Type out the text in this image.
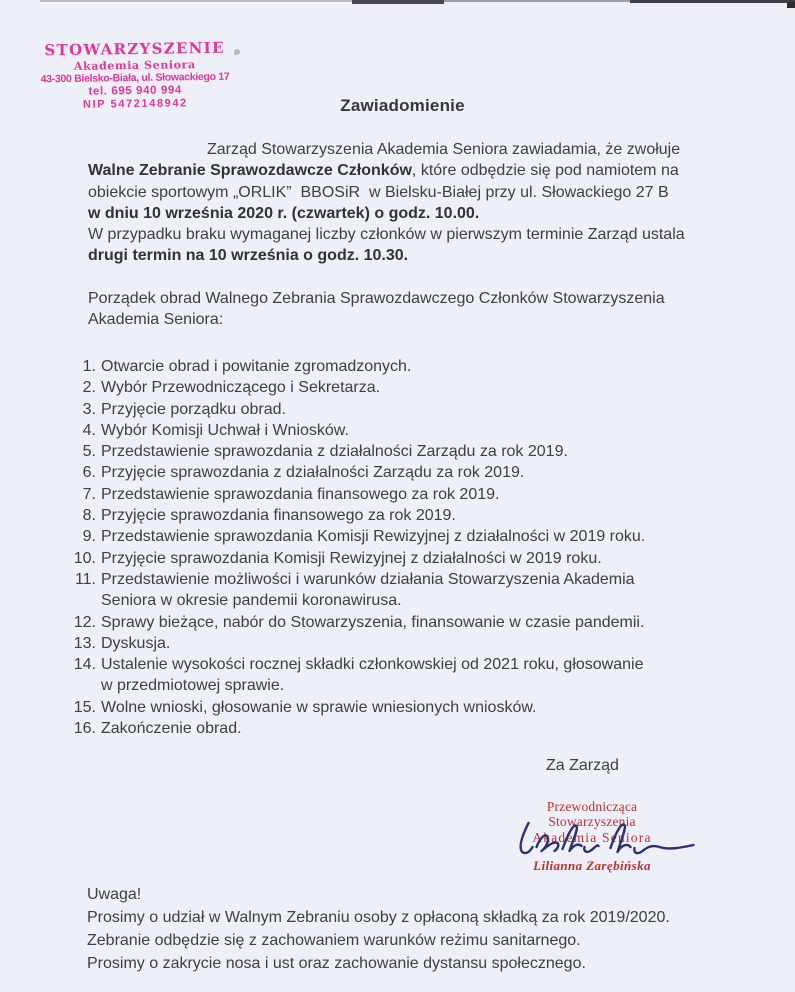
STOWARZYSZENIE
Akademia Seniora
43-300 Bielsko-Biała, ul. Słowackiego 17
tel. 695 940 994
NIP 5472148942	Zawiadomienie
Zarząd Stowarzyszenia Akademia Seniora zawiadamia, że zwołuje
Walne Zebranie Sprawozdawcze Członków, które odbędzie się pod namiotem na
obiekcie sportowym „ORLIK”  BBOSiR  w Bielsku-Białej przy ul. Słowackiego 27 B
w dniu 10 września 2020 r. (czwartek) o godz. 10.00.
W przypadku braku wymaganej liczby członków w pierwszym terminie Zarząd ustala
drugi termin na 10 września o godz. 10.30.
Porządek obrad Walnego Zebrania Sprawozdawczego Członków Stowarzyszenia
Akademia Seniora:
1. Otwarcie obrad i powitanie zgromadzonych.
2. Wybór Przewodniczącego i Sekretarza.
3. Przyjęcie porządku obrad.
4. Wybór Komisji Uchwał i Wniosków.
5. Przedstawienie sprawozdania z działalności Zarządu za rok 2019.
6. Przyjęcie sprawozdania z działalności Zarządu za rok 2019.
7. Przedstawienie sprawozdania finansowego za rok 2019.
8. Przyjęcie sprawozdania finansowego za rok 2019.
9. Przedstawienie sprawozdania Komisji Rewizyjnej z działalności w 2019 roku.
10. Przyjęcie sprawozdania Komisji Rewizyjnej z działalności w 2019 roku.
11. Przedstawienie możliwości i warunków działania Stowarzyszenia Akademia
Seniora w okresie pandemii koronawirusa.
12. Sprawy bieżące, nabór do Stowarzyszenia, finansowanie w czasie pandemii.
13. Dyskusja.
14. Ustalenie wysokości rocznej składki członkowskiej od 2021 roku, głosowanie
w przedmiotowej sprawie.
15. Wolne wnioski, głosowanie w sprawie wniesionych wniosków.
16. Zakończenie obrad.
Za Zarząd
Przewodnicząca Stowarzyszenia
Akademia Seniora
Lilianna Zarębińska
Uwaga!
Prosimy o udział w Walnym Zebraniu osoby z opłaconą składką za rok 2019/2020.
Zebranie odbędzie się z zachowaniem warunków reżimu sanitarnego.
Prosimy o zakrycie nosa i ust oraz zachowanie dystansu społecznego.
